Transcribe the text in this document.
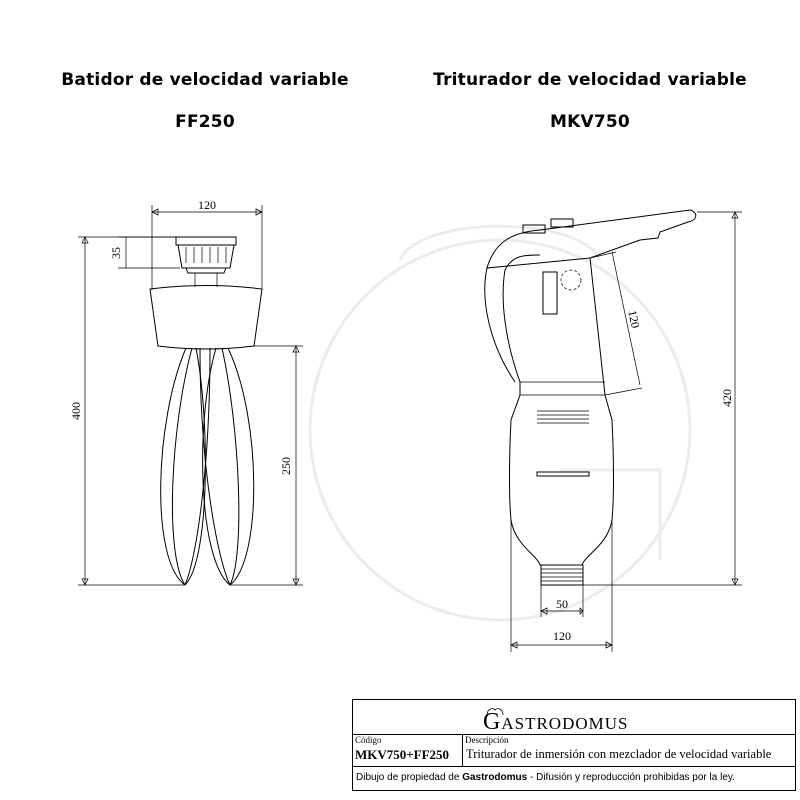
Batidor de velocidad variable
FF250
Triturador de velocidad variable
MKV750
120
35
400
250
120
420
50
120
GASTRODOMUS
Código
MKV750+FF250
Descripción
Triturador de inmersión con mezclador de velocidad variable
Dibujo de propiedad de Gastrodomus - Difusión y reproducción prohibidas por la ley.
